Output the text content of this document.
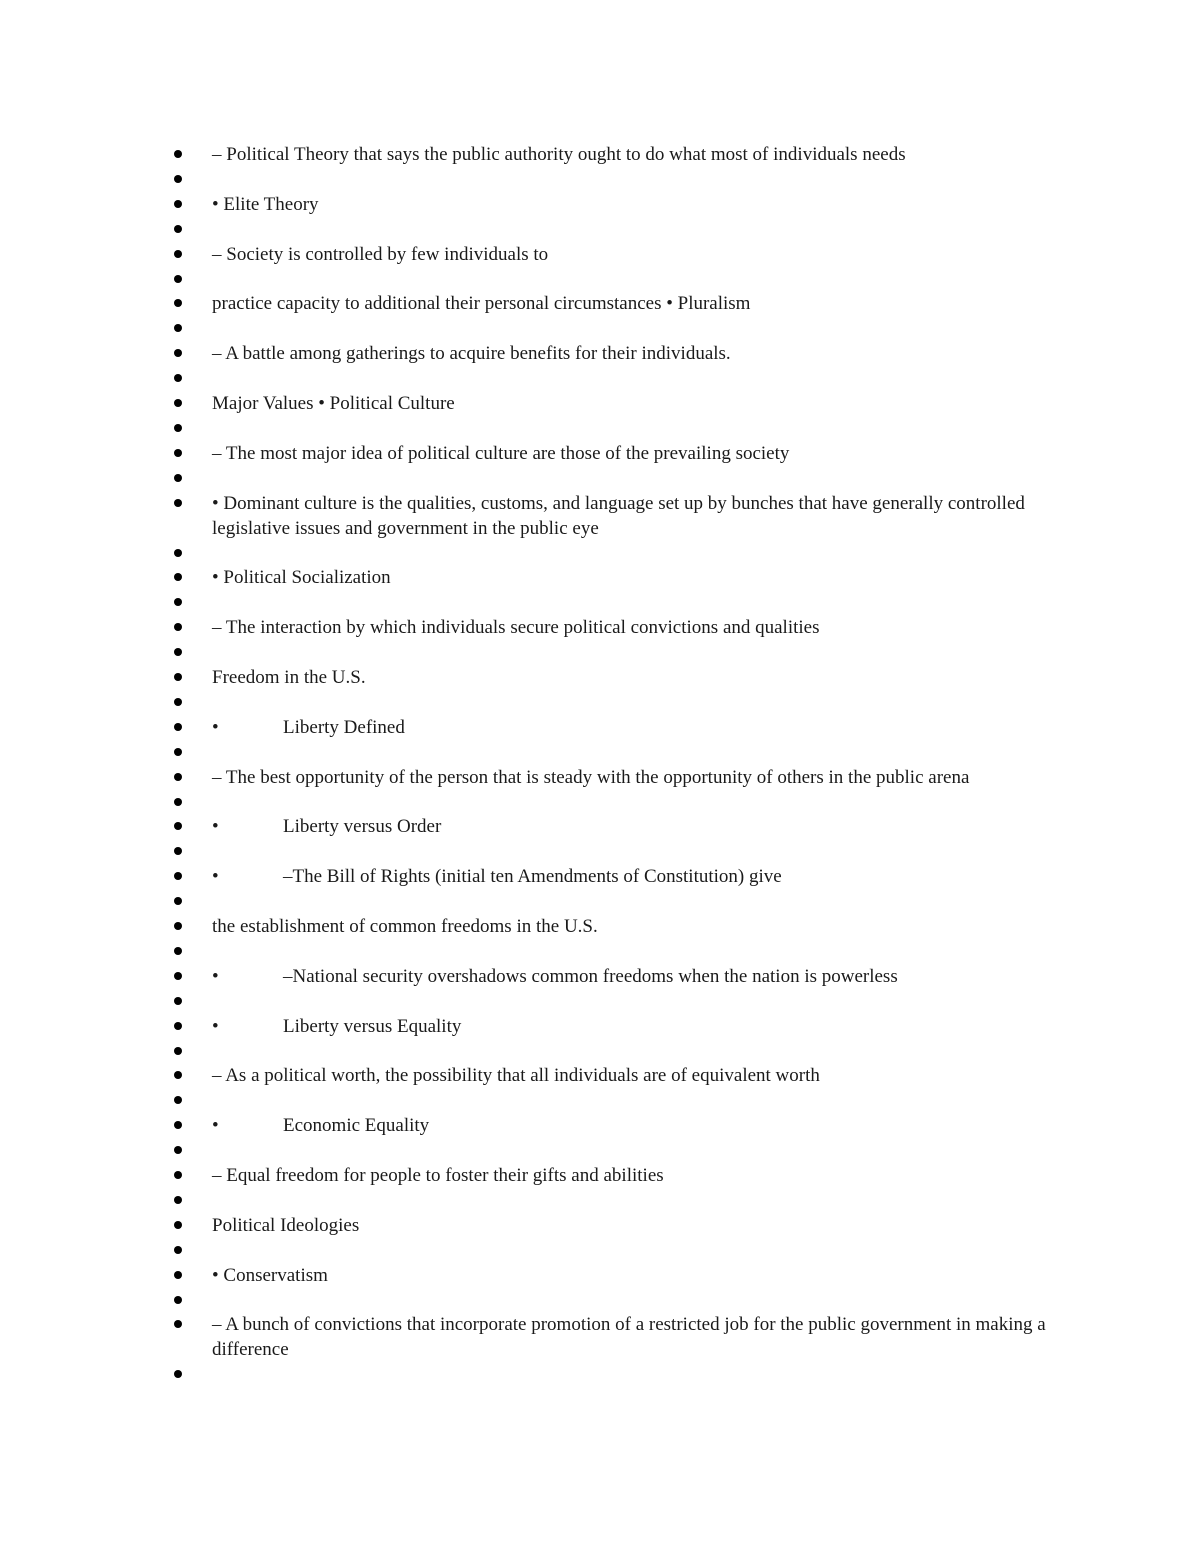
– Political Theory that says the public authority ought to do what most of individuals needs
• Elite Theory
– Society is controlled by few individuals to
practice capacity to additional their personal circumstances • Pluralism
– A battle among gatherings to acquire benefits for their individuals.
Major Values • Political Culture
– The most major idea of political culture are those of the prevailing society
• Dominant culture is the qualities, customs, and language set up by bunches that have generally controlled legislative issues and government in the public eye
• Political Socialization
– The interaction by which individuals secure political convictions and qualities
Freedom in the U.S.
•	Liberty Defined
– The best opportunity of the person that is steady with the opportunity of others in the public arena
•	Liberty versus Order
•	–The Bill of Rights (initial ten Amendments of Constitution) give
the establishment of common freedoms in the U.S.
•	–National security overshadows common freedoms when the nation is powerless
•	Liberty versus Equality
– As a political worth, the possibility that all individuals are of equivalent worth
•	Economic Equality
– Equal freedom for people to foster their gifts and abilities
Political Ideologies
• Conservatism
– A bunch of convictions that incorporate promotion of a restricted job for the public government in making a difference
